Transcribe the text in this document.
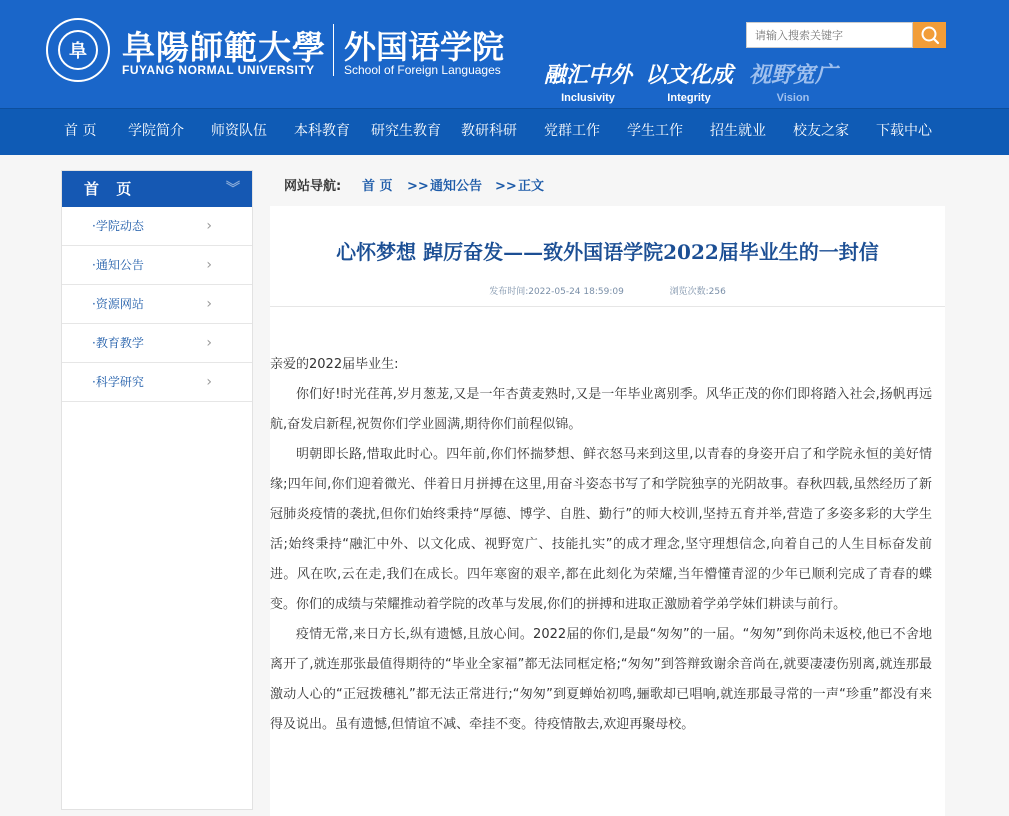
阜	阜陽師範大學
FUYANG NORMAL UNIVERSITY
外国语学院
School of Foreign Languages 融汇中外
Inclusivity
以文化成
Integrity
视野宽广
Vision
请输入搜索关键字
首 页 学院简介 师资队伍 本科教育 研究生教育 教研科研 党群工作 学生工作 招生就业 校友之家 下载中心
首 页	︾
·学院动态	›
·通知公告	›
·资源网站	›
·教育教学	›
·科学研究	›
网站导航: 首 页 >> 通知公告 >> 正文
心怀梦想 踔厉奋发——致外国语学院2022届毕业生的一封信
发布时间:2022-05-24 18:59:09	浏览次数:256

亲爱的2022届毕业生:

你们好!时光荏苒,岁月葱茏,又是一年杏黄麦熟时,又是一年毕业离别季。风华正茂的你们即将踏入社会,扬帆再远航,奋发启新程,祝贺你们学业圆满,期待你们前程似锦。

明朝即长路,惜取此时心。四年前,你们怀揣梦想、鲜衣怒马来到这里,以青春的身姿开启了和学院永恒的美好情缘;四年间,你们迎着微光、伴着日月拼搏在这里,用奋斗姿态书写了和学院独享的光阴故事。春秋四载,虽然经历了新冠肺炎疫情的袭扰,但你们始终秉持“厚德、博学、自胜、勤行”的师大校训,坚持五育并举,营造了多姿多彩的大学生活;始终秉持“融汇中外、以文化成、视野宽广、技能扎实”的成才理念,坚守理想信念,向着自己的人生目标奋发前进。风在吹,云在走,我们在成长。四年寒窗的艰辛,都在此刻化为荣耀,当年懵懂青涩的少年已顺利完成了青春的蝶变。你们的成绩与荣耀推动着学院的改革与发展,你们的拼搏和进取正激励着学弟学妹们耕读与前行。

疫情无常,来日方长,纵有遗憾,且放心间。2022届的你们,是最“匆匆”的一届。“匆匆”到你尚未返校,他已不舍地离开了,就连那张最值得期待的“毕业全家福”都无法同框定格;“匆匆”到答辩致谢余音尚在,就要凄凄伤别离,就连那最激动人心的“正冠拨穗礼”都无法正常进行;“匆匆”到夏蝉始初鸣,骊歌却已唱响,就连那最寻常的一声“珍重”都没有来得及说出。虽有遗憾,但情谊不减、牵挂不变。待疫情散去,欢迎再聚母校。
